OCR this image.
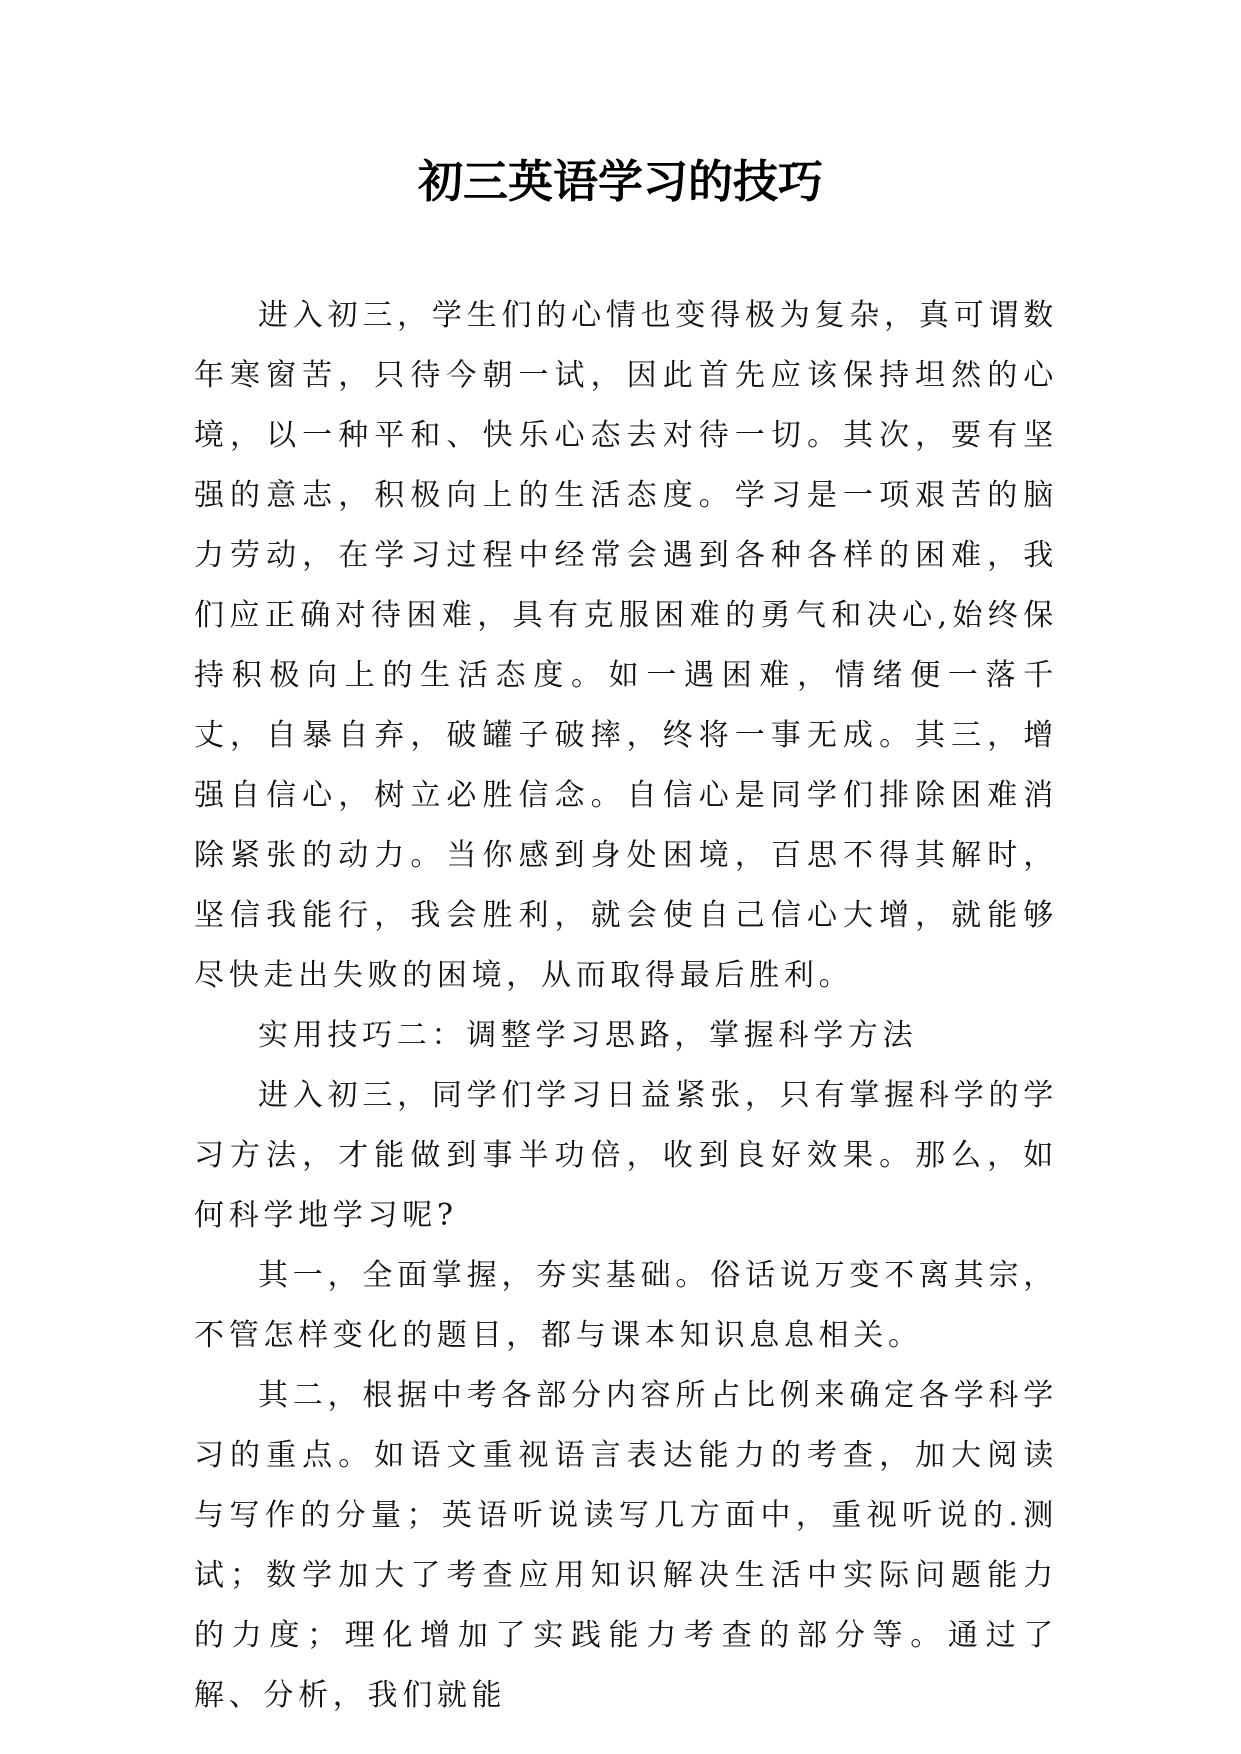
初三英语学习的技巧

进入初三，学生们的心情也变得极为复杂，真可谓数年寒窗苦，只待今朝一试，因此首先应该保持坦然的心境，以一种平和、快乐心态去对待一切。其次，要有坚强的意志，积极向上的生活态度。学习是一项艰苦的脑力劳动，在学习过程中经常会遇到各种各样的困难，我们应正确对待困难，具有克服困难的勇气和决心,始终保持积极向上的生活态度。如一遇困难，情绪便一落千丈，自暴自弃，破罐子破摔，终将一事无成。其三，增强自信心，树立必胜信念。自信心是同学们排除困难消除紧张的动力。当你感到身处困境，百思不得其解时，坚信我能行，我会胜利，就会使自己信心大增，就能够尽快走出失败的困境，从而取得最后胜利。

实用技巧二：调整学习思路，掌握科学方法

进入初三，同学们学习日益紧张，只有掌握科学的学习方法，才能做到事半功倍，收到良好效果。那么，如何科学地学习呢?

其一，全面掌握，夯实基础。俗话说万变不离其宗，不管怎样变化的题目，都与课本知识息息相关。

其二，根据中考各部分内容所占比例来确定各学科学习的重点。如语文重视语言表达能力的考查，加大阅读与写作的分量；英语听说读写几方面中，重视听说的.测试；数学加大了考查应用知识解决生活中实际问题能力的力度；理化增加了实践能力考查的部分等。通过了解、分析，我们就能
